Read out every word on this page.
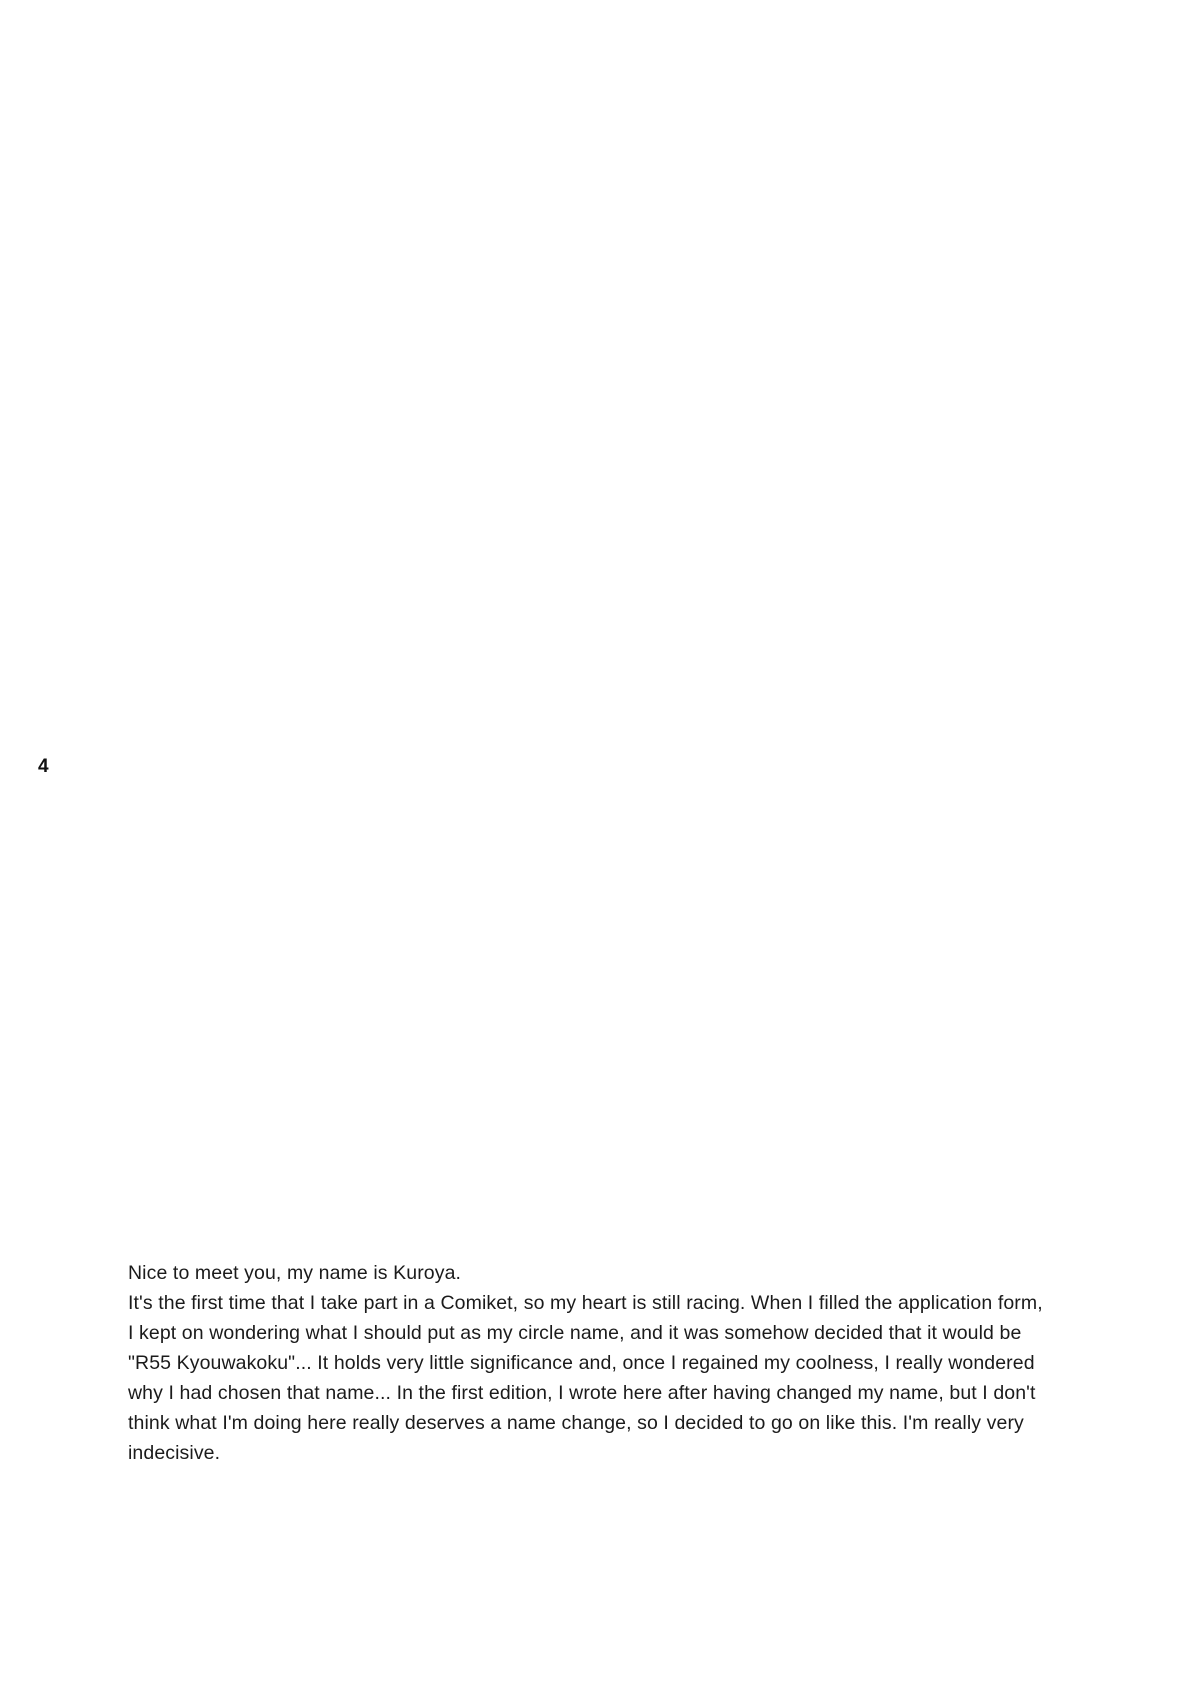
4

Nice to meet you, my name is Kuroya.

It's the first time that I take part in a Comiket, so my heart is still racing. When I filled the application form, I kept on wondering what I should put as my circle name, and it was somehow decided that it would be "R55 Kyouwakoku"... It holds very little significance and, once I regained my coolness, I really wondered why I had chosen that name... In the first edition, I wrote here after having changed my name, but I don't think what I'm doing here really deserves a name change, so I decided to go on like this. I'm really very indecisive.
